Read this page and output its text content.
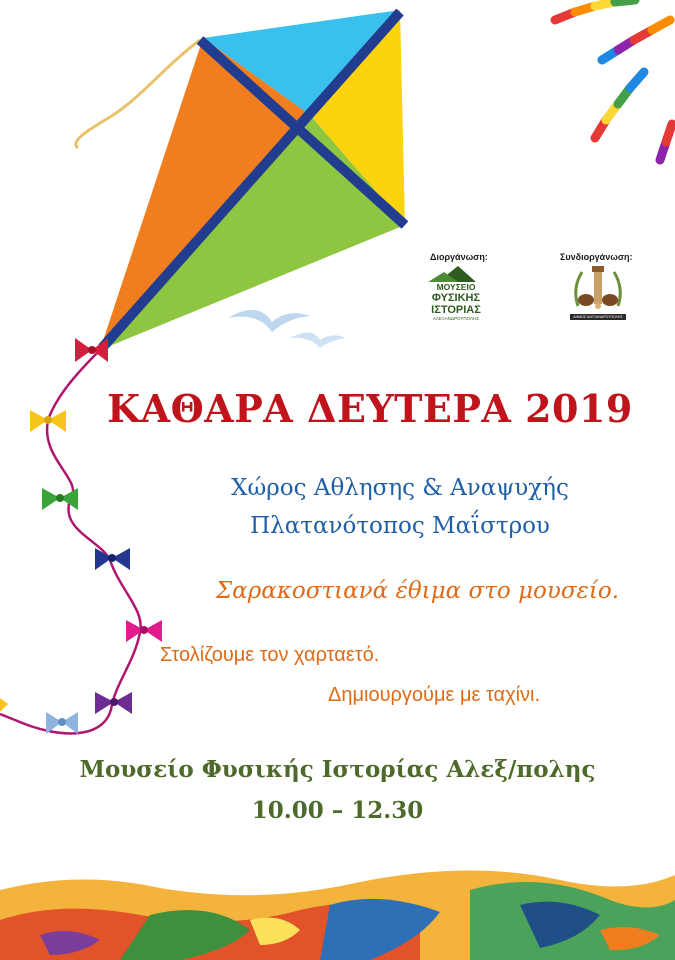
Διοργάνωση:
ΜΟΥΣΕΙΟ
ΦΥΣΙΚΗΣ
ΙΣΤΟΡΙΑΣ
ΑΛΕΞΑΝΔΡΟΥΠΟΛΗΣ
Συνδιοργάνωση:
ΔΗΜΟΣ ΑΛΕΞΑΝΔΡΟΥΠΟΛΗΣ
ΚΑΘΑΡΑ ΔΕΥΤΕΡΑ 2019

Χώρος Αθλησης & Αναψυχής

Πλατανότοπος Μαΐστρου

Σαρακοστιανά έθιμα στο μουσείο.

Στολίζουμε τον χαρταετό.

Δημιουργούμε με ταχίνι.

Μουσείο Φυσικής Ιστορίας Αλεξ/πολης

10.00 – 12.30
